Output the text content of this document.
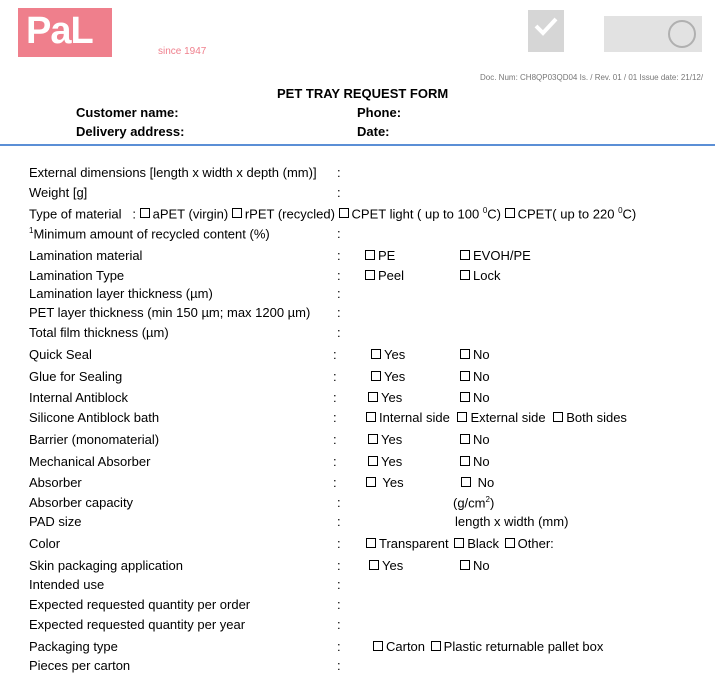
PaL	since 1947
Doc. Num: CH8QP03QD04 Is. / Rev. 01 / 01 Issue date: 21/12/
PET TRAY REQUEST FORM
Customer name:	Phone:
Delivery address:	Date:
External dimensions [length x width x depth (mm)] :
Weight [g]	:
Type of material : aPET (virgin) rPET (recycled) CPET light ( up to 100 $^0$C) CPET( up to 220 $^0$C)
$^1$Minimum amount of recycled content (%)	:
Lamination material	:	PE	EVOH/PE
Lamination Type	:	Peel	Lock
Lamination layer thickness (µm)	:
PET layer thickness (min 150 µm; max 1200 µm) :
Total film thickness (µm)	:
Quick Seal	:	Yes	No
Glue for Sealing	:	Yes	No
Internal Antiblock	:	Yes	No
Silicone Antiblock bath	:	Internal side External side Both sides
Barrier (monomaterial)	:	Yes	No
Mechanical Absorber	:	Yes	No
Absorber	:	Yes	No
Absorber capacity	:	$(g/cm^2)$
PAD size	:	length x width (mm)
Color	:	Transparent Black Other:
Skin packaging application	:	Yes	No
Intended use	:
Expected requested quantity per order	:
Expected requested quantity per year	:
Packaging type	:	Carton Plastic returnable pallet box
Pieces per carton	:
